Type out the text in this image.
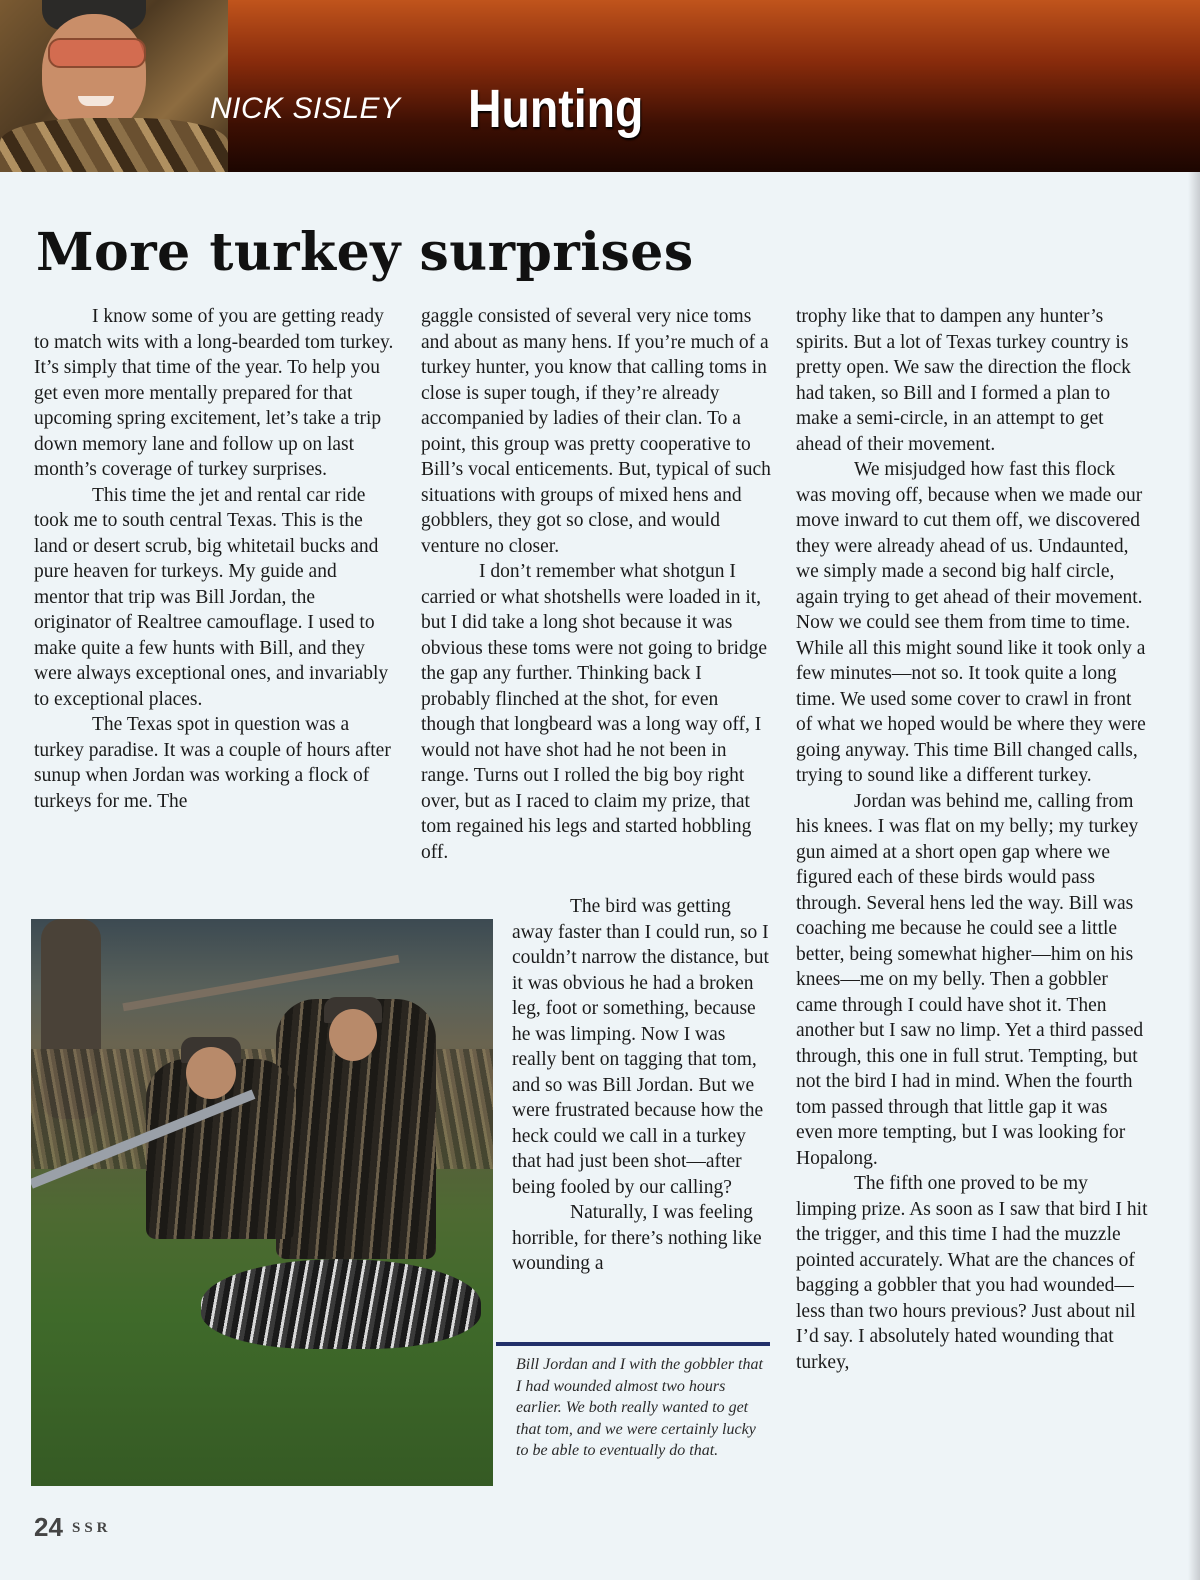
NICK SISLEY Hunting
More turkey surprises

I know some of you are getting ready to match wits with a long-bearded tom turkey. It’s simply that time of the year. To help you get even more mentally prepared for that upcoming spring excitement, let’s take a trip down memory lane and follow up on last month’s coverage of turkey surprises.

This time the jet and rental car ride took me to south central Texas. This is the land or desert scrub, big whitetail bucks and pure heaven for turkeys. My guide and mentor that trip was Bill Jordan, the originator of Realtree camouflage. I used to make quite a few hunts with Bill, and they were always exceptional ones, and invariably to exceptional places.

The Texas spot in question was a turkey paradise. It was a couple of hours after sunup when Jordan was working a flock of turkeys for me. The

gaggle consisted of several very nice toms and about as many hens. If you’re much of a turkey hunter, you know that calling toms in close is super tough, if they’re already accompanied by ladies of their clan. To a point, this group was pretty cooperative to Bill’s vocal enticements. But, typical of such situations with groups of mixed hens and gobblers, they got so close, and would venture no closer.

I don’t remember what shotgun I carried or what shotshells were loaded in it, but I did take a long shot because it was obvious these toms were not going to bridge the gap any further. Thinking back I probably flinched at the shot, for even though that longbeard was a long way off, I would not have shot had he not been in range. Turns out I rolled the big boy right over, but as I raced to claim my prize, that tom regained his legs and started hobbling off.

The bird was getting away faster than I could run, so I couldn’t narrow the distance, but it was obvious he had a broken leg, foot or something, because he was limping. Now I was really bent on tagging that tom, and so was Bill Jordan. But we were frustrated because how the heck could we call in a turkey that had just been shot—after being fooled by our calling?

Naturally, I was feeling horrible, for there’s nothing like wounding a

trophy like that to dampen any hunter’s spirits. But a lot of Texas turkey country is pretty open. We saw the direction the flock had taken, so Bill and I formed a plan to make a semi-circle, in an attempt to get ahead of their movement.

We misjudged how fast this flock was moving off, because when we made our move inward to cut them off, we discovered they were already ahead of us. Undaunted, we simply made a second big half circle, again trying to get ahead of their movement. Now we could see them from time to time. While all this might sound like it took only a few minutes—not so. It took quite a long time. We used some cover to crawl in front of what we hoped would be where they were going anyway. This time Bill changed calls, trying to sound like a different turkey.

Jordan was behind me, calling from his knees. I was flat on my belly; my turkey gun aimed at a short open gap where we figured each of these birds would pass through. Several hens led the way. Bill was coaching me because he could see a little better, being somewhat higher—him on his knees—me on my belly. Then a gobbler came through I could have shot it. Then another but I saw no limp. Yet a third passed through, this one in full strut. Tempting, but not the bird I had in mind. When the fourth tom passed through that little gap it was even more tempting, but I was looking for Hopalong.

The fifth one proved to be my limping prize. As soon as I saw that bird I hit the trigger, and this time I had the muzzle pointed accurately. What are the chances of bagging a gobbler that you had wounded—less than two hours previous? Just about nil I’d say. I absolutely hated wounding that turkey,

Bill Jordan and I with the gobbler that I had wounded almost two hours earlier. We both really wanted to get that tom, and we were certainly lucky to be able to eventually do that.
24 SSR
